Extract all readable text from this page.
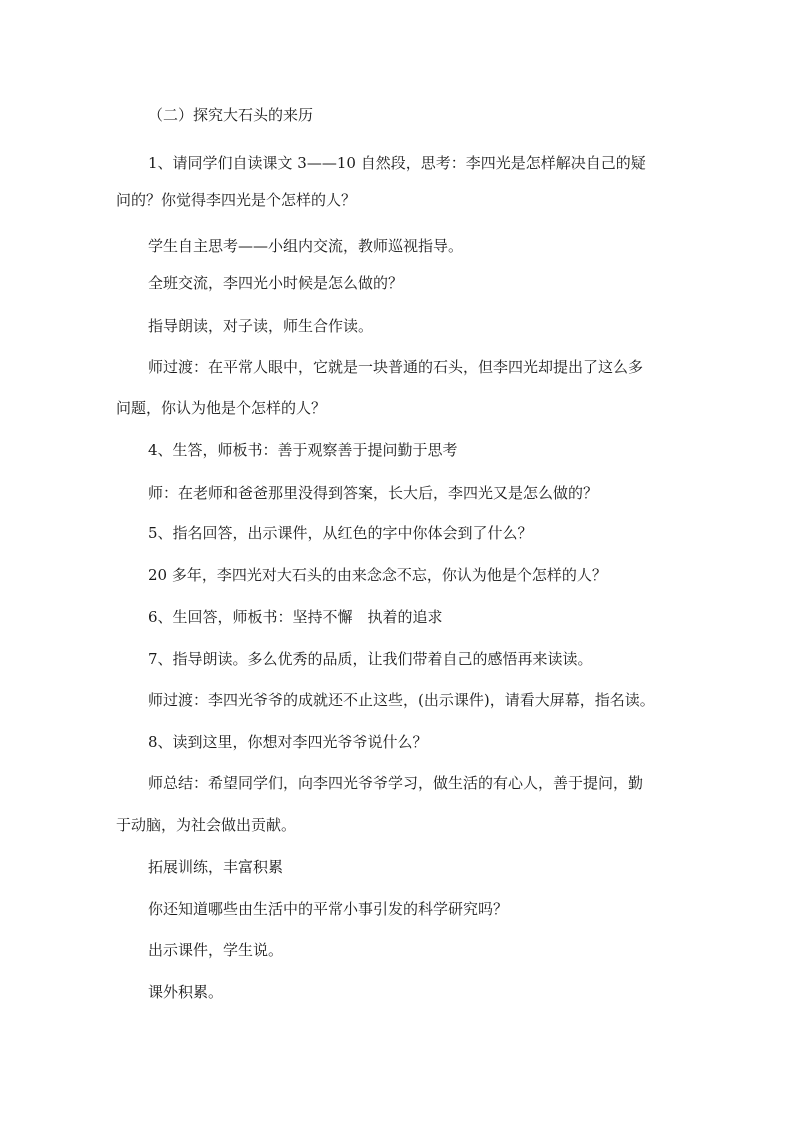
（二）探究大石头的来历
1、请同学们自读课文 3——10 自然段，思考：李四光是怎样解决自己的疑
问的？你觉得李四光是个怎样的人？
学生自主思考——小组内交流，教师巡视指导。
全班交流，李四光小时候是怎么做的？
指导朗读，对子读，师生合作读。
师过渡：在平常人眼中，它就是一块普通的石头，但李四光却提出了这么多
问题，你认为他是个怎样的人？
4、生答，师板书：善于观察善于提问勤于思考
师：在老师和爸爸那里没得到答案，长大后，李四光又是怎么做的？
5、指名回答，出示课件，从红色的字中你体会到了什么？
20 多年，李四光对大石头的由来念念不忘，你认为他是个怎样的人？
6、生回答，师板书：坚持不懈　执着的追求
7、指导朗读。多么优秀的品质，让我们带着自己的感悟再来读读。
师过渡：李四光爷爷的成就还不止这些，(出示课件)，请看大屏幕，指名读。
8、读到这里，你想对李四光爷爷说什么？
师总结：希望同学们，向李四光爷爷学习，做生活的有心人，善于提问，勤
于动脑，为社会做出贡献。
拓展训练，丰富积累
你还知道哪些由生活中的平常小事引发的科学研究吗？
出示课件，学生说。
课外积累。
